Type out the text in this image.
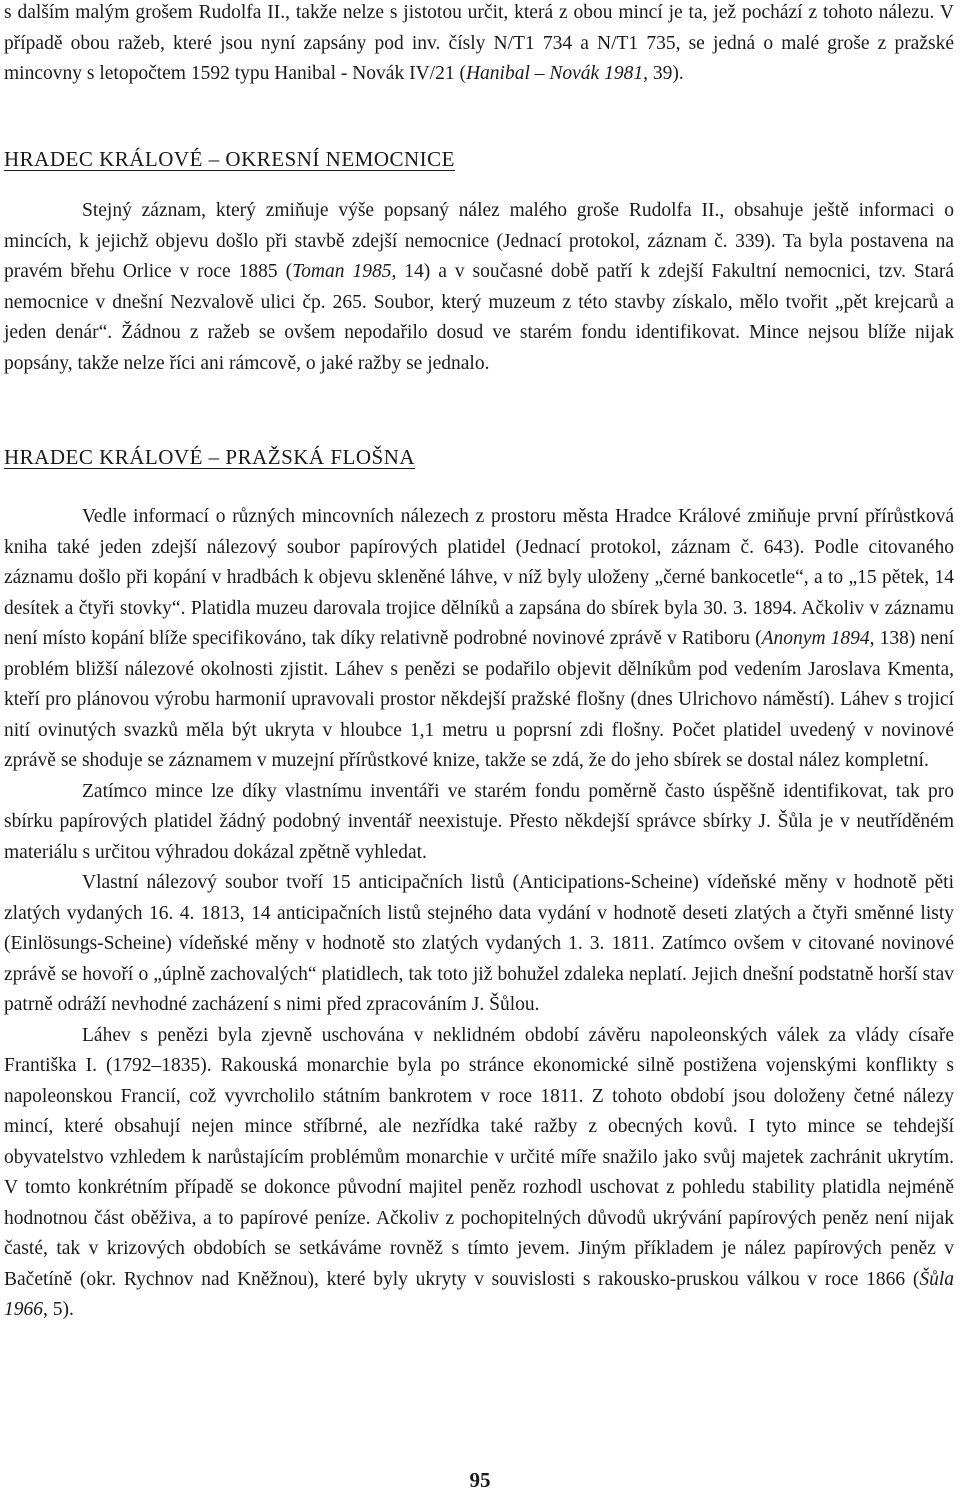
s dalším malým grošem Rudolfa II., takže nelze s jistotou určit, která z obou mincí je ta, jež pochází z tohoto nálezu. V případě obou ražeb, které jsou nyní zapsány pod inv. čísly N/T1 734 a N/T1 735, se jedná o malé groše z pražské mincovny s letopočtem 1592 typu Hanibal - Novák IV/21 (Hanibal – Novák 1981, 39).

HRADEC KRÁLOVÉ – OKRESNÍ NEMOCNICE

Stejný záznam, který zmiňuje výše popsaný nález malého groše Rudolfa II., obsahuje ještě informaci o mincích, k jejichž objevu došlo při stavbě zdejší nemocnice (Jednací protokol, záznam č. 339). Ta byla postavena na pravém břehu Orlice v roce 1885 (Toman 1985, 14) a v současné době patří k zdejší Fakultní nemocnici, tzv. Stará nemocnice v dnešní Nezvalově ulici čp. 265. Soubor, který muzeum z této stavby získalo, mělo tvořit „pět krejcarů a jeden denár“. Žádnou z ražeb se ovšem nepodařilo dosud ve starém fondu identifikovat. Mince nejsou blíže nijak popsány, takže nelze říci ani rámcově, o jaké ražby se jednalo.

HRADEC KRÁLOVÉ – PRAŽSKÁ FLOŠNA

Vedle informací o různých mincovních nálezech z prostoru města Hradce Králové zmiňuje první přírůstková kniha také jeden zdejší nálezový soubor papírových platidel (Jednací protokol, záznam č. 643). Podle citovaného záznamu došlo při kopání v hradbách k objevu skleněné láhve, v níž byly uloženy „černé bankocetle“, a to „15 pětek, 14 desítek a čtyři stovky“. Platidla muzeu darovala trojice dělníků a zapsána do sbírek byla 30. 3. 1894. Ačkoliv v záznamu není místo kopání blíže specifikováno, tak díky relativně podrobné novinové zprávě v Ratiboru (Anonym 1894, 138) není problém bližší nálezové okolnosti zjistit. Láhev s penězi se podařilo objevit dělníkům pod vedením Jaroslava Kmenta, kteří pro plánovou výrobu harmonií upravovali prostor někdejší pražské flošny (dnes Ulrichovo náměstí). Láhev s trojicí nití ovinutých svazků měla být ukryta v hloubce 1,1 metru u poprsní zdi flošny. Počet platidel uvedený v novinové zprávě se shoduje se záznamem v muzejní přírůstkové knize, takže se zdá, že do jeho sbírek se dostal nález kompletní.

Zatímco mince lze díky vlastnímu inventáři ve starém fondu poměrně často úspěšně identifikovat, tak pro sbírku papírových platidel žádný podobný inventář neexistuje. Přesto někdejší správce sbírky J. Šůla je v neutříděném materiálu s určitou výhradou dokázal zpětně vyhledat.

Vlastní nálezový soubor tvoří 15 anticipačních listů (Anticipations-Scheine) vídeňské měny v hodnotě pěti zlatých vydaných 16. 4. 1813, 14 anticipačních listů stejného data vydání v hodnotě deseti zlatých a čtyři směnné listy (Einlösungs-Scheine) vídeňské měny v hodnotě sto zlatých vydaných 1. 3. 1811. Zatímco ovšem v citované novinové zprávě se hovoří o „úplně zachovalých“ platidlech, tak toto již bohužel zdaleka neplatí. Jejich dnešní podstatně horší stav patrně odráží nevhodné zacházení s nimi před zpracováním J. Šůlou.

Láhev s penězi byla zjevně uschována v neklidném období závěru napoleonských válek za vlády císaře Františka I. (1792–1835). Rakouská monarchie byla po stránce ekonomické silně postižena vojenskými konflikty s napoleonskou Francií, což vyvrcholilo státním bankrotem v roce 1811. Z tohoto období jsou doloženy četné nálezy mincí, které obsahují nejen mince stříbrné, ale nezřídka také ražby z obecných kovů. I tyto mince se tehdejší obyvatelstvo vzhledem k narůstajícím problémům monarchie v určité míře snažilo jako svůj majetek zachránit ukrytím. V tomto konkrétním případě se dokonce původní majitel peněz rozhodl uschovat z pohledu stability platidla nejméně hodnotnou část oběživa, a to papírové peníze. Ačkoliv z pochopitelných důvodů ukrývání papírových peněz není nijak časté, tak v krizových obdobích se setkáváme rovněž s tímto jevem. Jiným příkladem je nález papírových peněz v Bačetíně (okr. Rychnov nad Kněžnou), které byly ukryty v souvislosti s rakousko-pruskou válkou v roce 1866 (Šůla 1966, 5).

95
